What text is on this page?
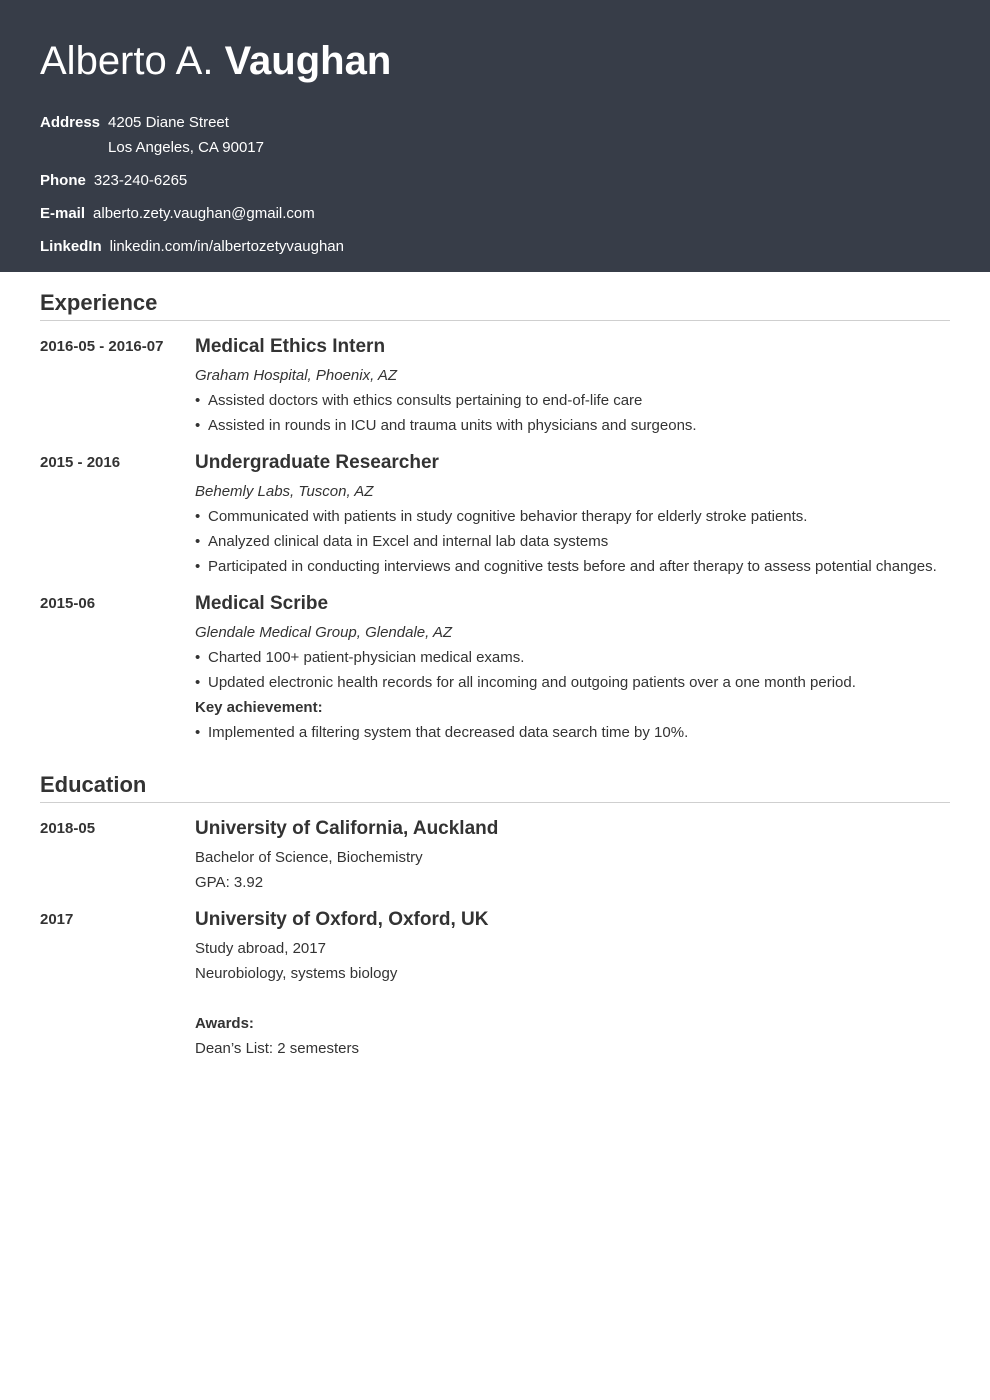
Alberto A. Vaughan
Address 4205 Diane Street
Los Angeles, CA 90017
Phone 323-240-6265
E-mail alberto.zety.vaughan@gmail.com
LinkedIn linkedin.com/in/albertozetyvaughan
Experience
2016-05 - 2016-07	Medical Ethics Intern
Graham Hospital, Phoenix, AZ
• Assisted doctors with ethics consults pertaining to end-of-life care
• Assisted in rounds in ICU and trauma units with physicians and surgeons.
2015 - 2016	Undergraduate Researcher
Behemly Labs, Tuscon, AZ
• Communicated with patients in study cognitive behavior therapy for elderly stroke patients.
• Analyzed clinical data in Excel and internal lab data systems
• Participated in conducting interviews and cognitive tests before and after therapy to assess potential changes.
2015-06	Medical Scribe
Glendale Medical Group, Glendale, AZ
• Charted 100+ patient-physician medical exams.
• Updated electronic health records for all incoming and outgoing patients over a one month period.
Key achievement:
• Implemented a filtering system that decreased data search time by 10%.
Education
2018-05	University of California, Auckland
Bachelor of Science, Biochemistry
GPA: 3.92
2017	University of Oxford, Oxford, UK
Study abroad, 2017
Neurobiology, systems biology
Awards:
Dean’s List: 2 semesters
